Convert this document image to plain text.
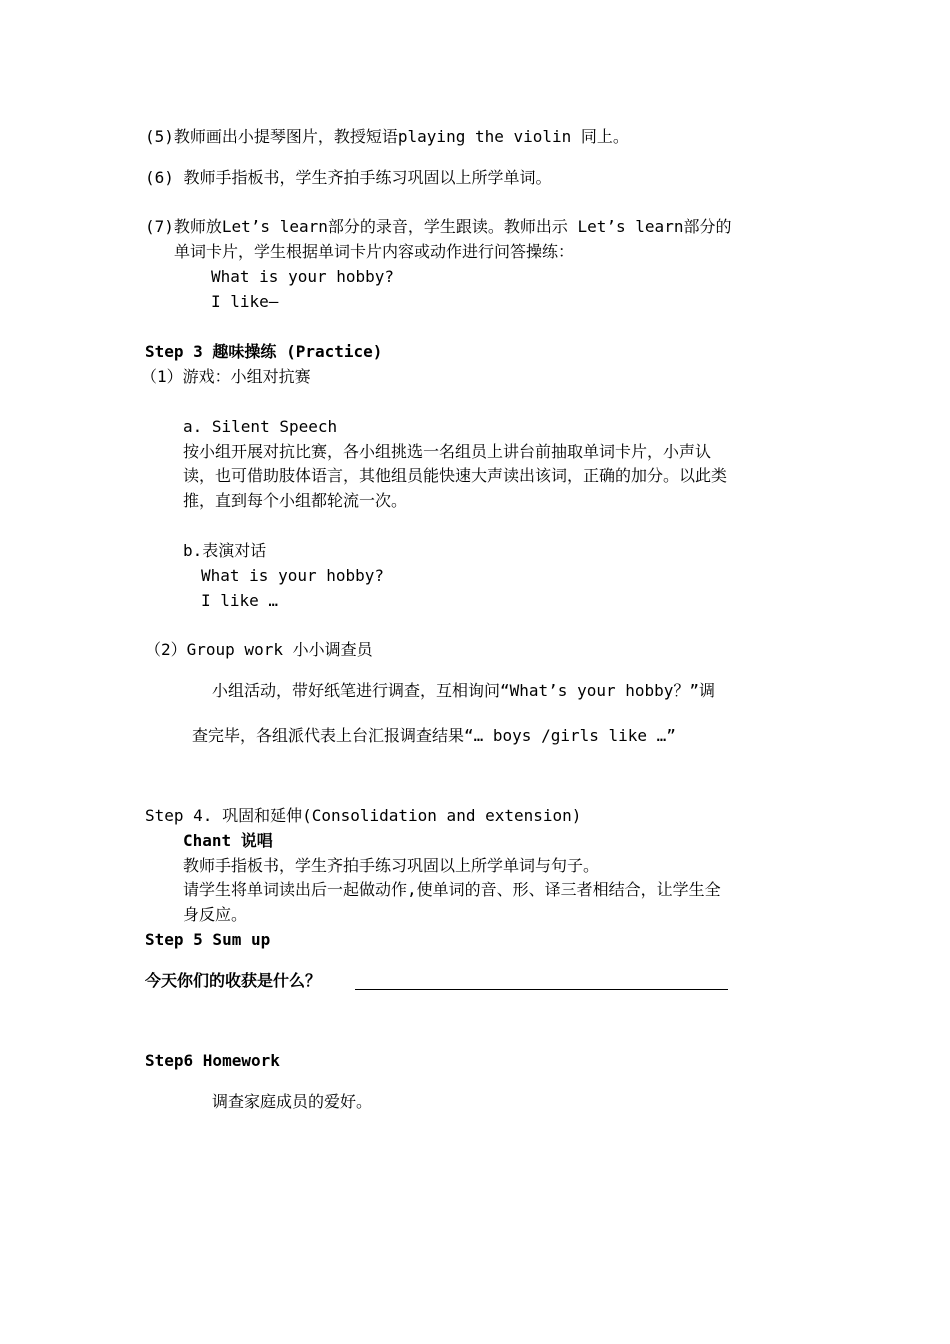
(5)教师画出小提琴图片，教授短语playing the violin 同上。
(6) 教师手指板书，学生齐拍手练习巩固以上所学单词。
(7)教师放Let’s learn部分的录音，学生跟读。教师出示 Let’s learn部分的
单词卡片，学生根据单词卡片内容或动作进行问答操练：
What is your hobby?
I like—
Step 3 趣味操练 (Practice)
（1）游戏：小组对抗赛
a. Silent Speech
按小组开展对抗比赛，各小组挑选一名组员上讲台前抽取单词卡片，小声认
读，也可借助肢体语言，其他组员能快速大声读出该词，正确的加分。以此类
推，直到每个小组都轮流一次。
b.表演对话
What is your hobby?
I like …
（2）Group work 小小调查员
小组活动，带好纸笔进行调查，互相询问“What’s your hobby？”调
查完毕，各组派代表上台汇报调查结果“… boys /girls like …”
Step 4. 巩固和延伸(Consolidation and extension)
Chant 说唱
教师手指板书，学生齐拍手练习巩固以上所学单词与句子。
请学生将单词读出后一起做动作,使单词的音、形、译三者相结合，让学生全
身反应。
Step 5 Sum up
今天你们的收获是什么？
Step6 Homework
调查家庭成员的爱好。
